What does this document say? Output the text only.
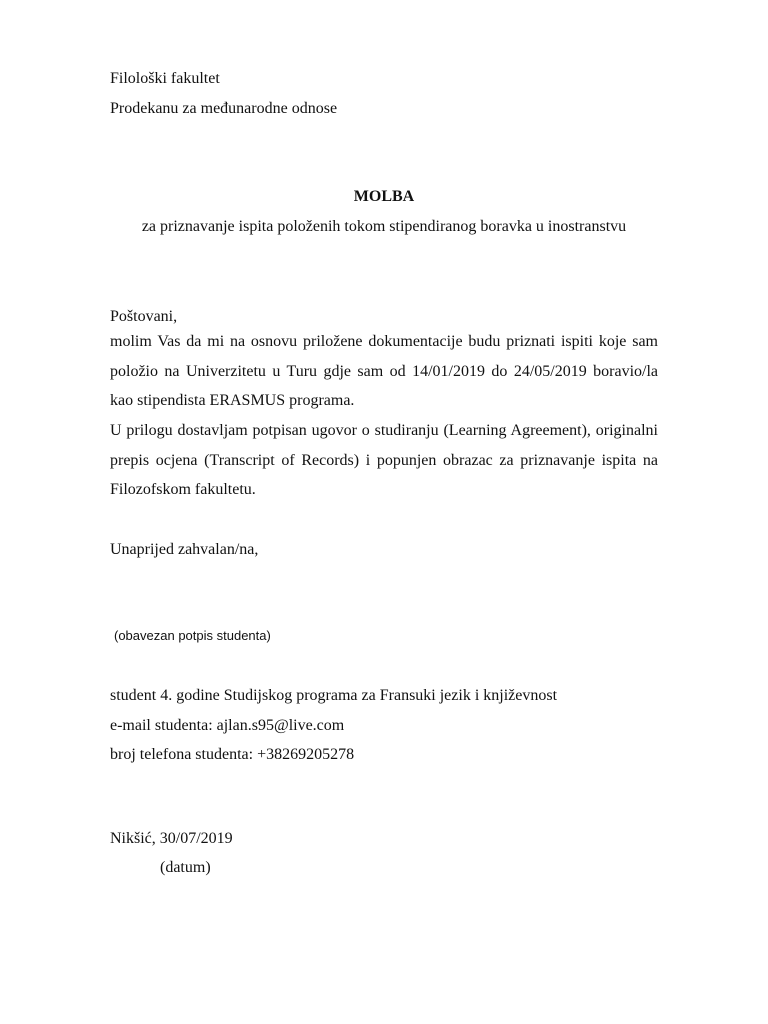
Filološki fakultet
Prodekanu za međunarodne odnose
MOLBA
za priznavanje ispita položenih tokom stipendiranog boravka u inostranstvu
Poštovani,

molim Vas da mi na osnovu priložene dokumentacije budu priznati ispiti koje sam položio na Univerzitetu u Turu gdje sam od 14/01/2019 do 24/05/2019 boravio/la kao stipendista ERASMUS programa.

U prilogu dostavljam potpisan ugovor o studiranju (Learning Agreement), originalni prepis ocjena (Transcript of Records) i popunjen obrazac za priznavanje ispita na Filozofskom fakultetu.

Unaprijed zahvalan/na,
(obavezan potpis studenta)
student 4. godine Studijskog programa za Fransuki jezik i književnost
e-mail studenta: ajlan.s95@live.com
broj telefona studenta: +38269205278
Nikšić, 30/07/2019
(datum)
